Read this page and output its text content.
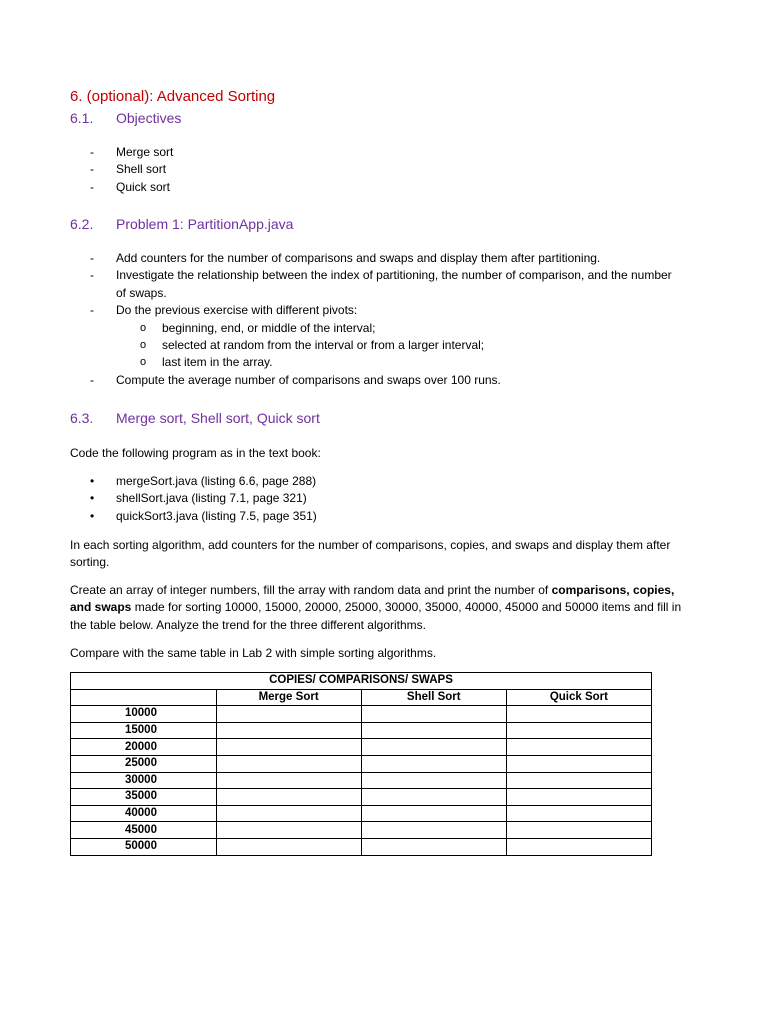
6. (optional): Advanced Sorting
6.1. Objectives
- Merge sort
- Shell sort
- Quick sort
6.2. Problem 1: PartitionApp.java
- Add counters for the number of comparisons and swaps and display them after partitioning.
- Investigate the relationship between the index of partitioning, the number of comparison, and the number of swaps.
- Do the previous exercise with different pivots:
o beginning, end, or middle of the interval;
o selected at random from the interval or from a larger interval;
o last item in the array.
- Compute the average number of comparisons and swaps over 100 runs.
6.3. Merge sort, Shell sort, Quick sort

Code the following program as in the text book:

• mergeSort.java (listing 6.6, page 288)
• shellSort.java (listing 7.1, page 321)
• quickSort3.java (listing 7.5, page 351)

In each sorting algorithm, add counters for the number of comparisons, copies, and swaps and display them after sorting.

Create an array of integer numbers, fill the array with random data and print the number of comparisons, copies, and swaps made for sorting 10000, 15000, 20000, 25000, 30000, 35000, 40000, 45000 and 50000 items and fill in the table below. Analyze the trend for the three different algorithms.

Compare with the same table in Lab 2 with simple sorting algorithms.

COPIES/ COMPARISONS/ SWAPS			
	Merge Sort	Shell Sort	Quick Sort
10000			
15000			
20000			
25000			
30000			
35000			
40000			
45000			
50000			
